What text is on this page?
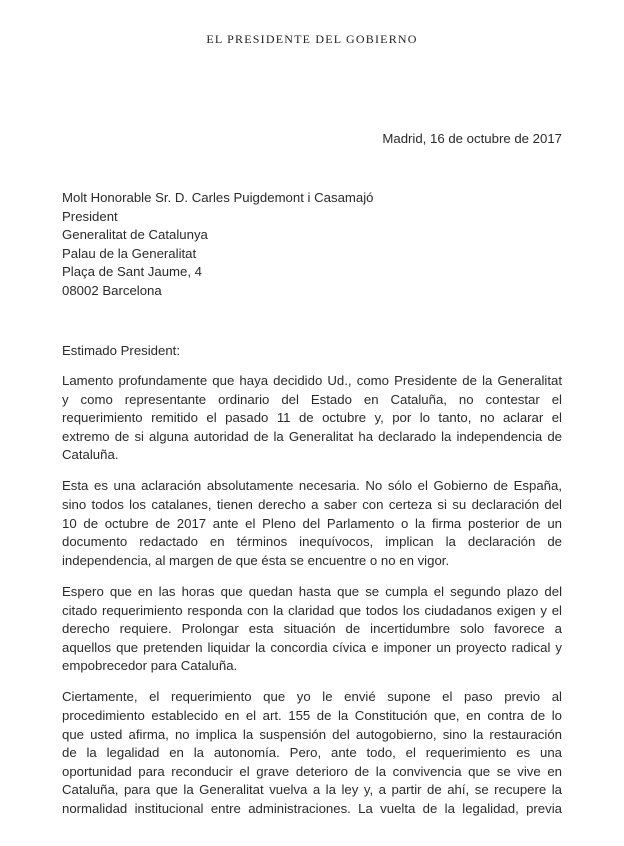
EL PRESIDENTE DEL GOBIERNO
Madrid, 16 de octubre de 2017
Molt Honorable Sr. D. Carles Puigdemont i Casamajó
President
Generalitat de Catalunya
Palau de la Generalitat
Plaça de Sant Jaume, 4
08002 Barcelona
Estimado President:
Lamento profundamente que haya decidido Ud., como Presidente de la Generalitat
y como representante ordinario del Estado en Cataluña, no contestar el
requerimiento remitido el pasado 11 de octubre y, por lo tanto, no aclarar el
extremo de si alguna autoridad de la Generalitat ha declarado la independencia de
Cataluña.
Esta es una aclaración absolutamente necesaria. No sólo el Gobierno de España,
sino todos los catalanes, tienen derecho a saber con certeza si su declaración del
10 de octubre de 2017 ante el Pleno del Parlamento o la firma posterior de un
documento redactado en términos inequívocos, implican la declaración de
independencia, al margen de que ésta se encuentre o no en vigor.
Espero que en las horas que quedan hasta que se cumpla el segundo plazo del
citado requerimiento responda con la claridad que todos los ciudadanos exigen y el
derecho requiere. Prolongar esta situación de incertidumbre solo favorece a
aquellos que pretenden liquidar la concordia cívica e imponer un proyecto radical y
empobrecedor para Cataluña.
Ciertamente, el requerimiento que yo le envié supone el paso previo al
procedimiento establecido en el art. 155 de la Constitución que, en contra de lo
que usted afirma, no implica la suspensión del autogobierno, sino la restauración
de la legalidad en la autonomía. Pero, ante todo, el requerimiento es una
oportunidad para reconducir el grave deterioro de la convivencia que se vive en
Cataluña, para que la Generalitat vuelva a la ley y, a partir de ahí, se recupere la
normalidad institucional entre administraciones. La vuelta de la legalidad, previa
